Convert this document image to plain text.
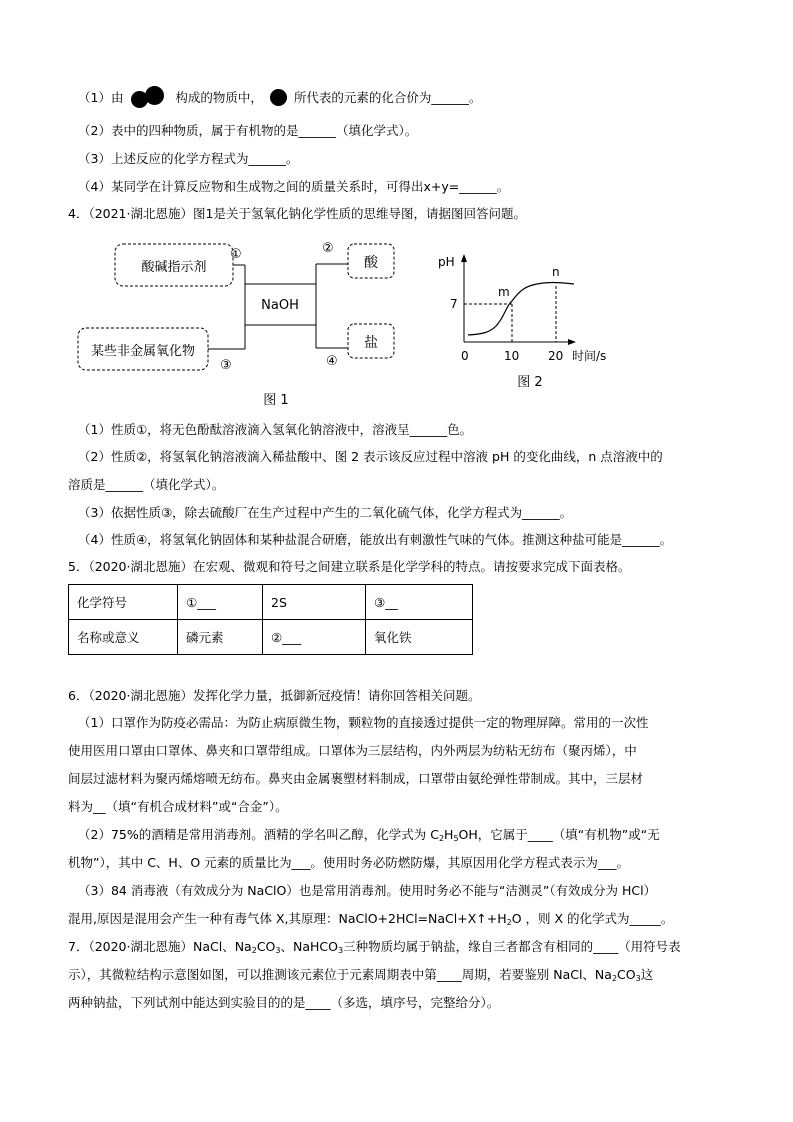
（1）由	构成的物质中， 所代表的元素的化合价为______。
（2）表中的四种物质，属于有机物的是______（填化学式）。
（3）上述反应的化学方程式为______。
（4）某同学在计算反应物和生成物之间的质量关系时，可得出x+y=______。
4．（2021·湖北恩施）图1是关于氢氧化钠化学性质的思维导图，请据图回答问题。
酸碱指示剂
①
某些非金属氧化物
③
NaOH
②
酸
盐
④
图 1
pH
7
m
n
0	10 20 时间/s
图 2
（1）性质①，将无色酚酞溶液滴入氢氧化钠溶液中，溶液呈______色。
（2）性质②，将氢氧化钠溶液滴入稀盐酸中、图 2 表示该反应过程中溶液 pH 的变化曲线，n 点溶液中的
溶质是______（填化学式）。
（3）依据性质③，除去硫酸厂在生产过程中产生的二氧化硫气体，化学方程式为______。
（4）性质④，将氢氧化钠固体和某种盐混合研磨，能放出有刺激性气味的气体。推测这种盐可能是______。
5．（2020·湖北恩施）在宏观、微观和符号之间建立联系是化学学科的特点。请按要求完成下面表格。
化学符号	①___	2S	③__
名称或意义	磷元素	②___	氧化铁
6．（2020·湖北恩施）发挥化学力量，抵御新冠疫情！请你回答相关问题。
（1）口罩作为防疫必需品：为防止病原微生物，颗粒物的直接透过提供一定的物理屏障。常用的一次性
使用医用口罩由口罩体、鼻夹和口罩带组成。口罩体为三层结构，内外两层为纺粘无纺布（聚丙烯），中
间层过滤材料为聚丙烯熔喷无纺布。鼻夹由金属裹塑材料制成，口罩带由氨纶弹性带制成。其中，三层材
料为__（填“有机合成材料”或“合金”）。
（2）75%的酒精是常用消毒剂。酒精的学名叫乙醇，化学式为 $C_2H_5OH$，它属于____（填“有机物”或“无
机物”），其中 C、H、O 元素的质量比为___。使用时务必防燃防爆，其原因用化学方程式表示为___。
（3）84 消毒液（有效成分为 NaClO）也是常用消毒剂。使用时务必不能与“洁测灵”（有效成分为 HCl）
混用,原因是混用会产生一种有毒气体 X,其原理：$NaClO+2HCl=NaCl+X↑+H_2O$ ，则 X 的化学式为_____。
7．（2020·湖北恩施）NaCl、$Na_2CO_3$、NaHCO$_3$三种物质均属于钠盐，缘自三者都含有相同的____（用符号表
示），其微粒结构示意图如图，可以推测该元素位于元素周期表中第____周期，若要鉴别 NaCl、$Na_2CO_3$这
两种钠盐，下列试剂中能达到实验目的的是____（多选，填序号，完整给分）。
